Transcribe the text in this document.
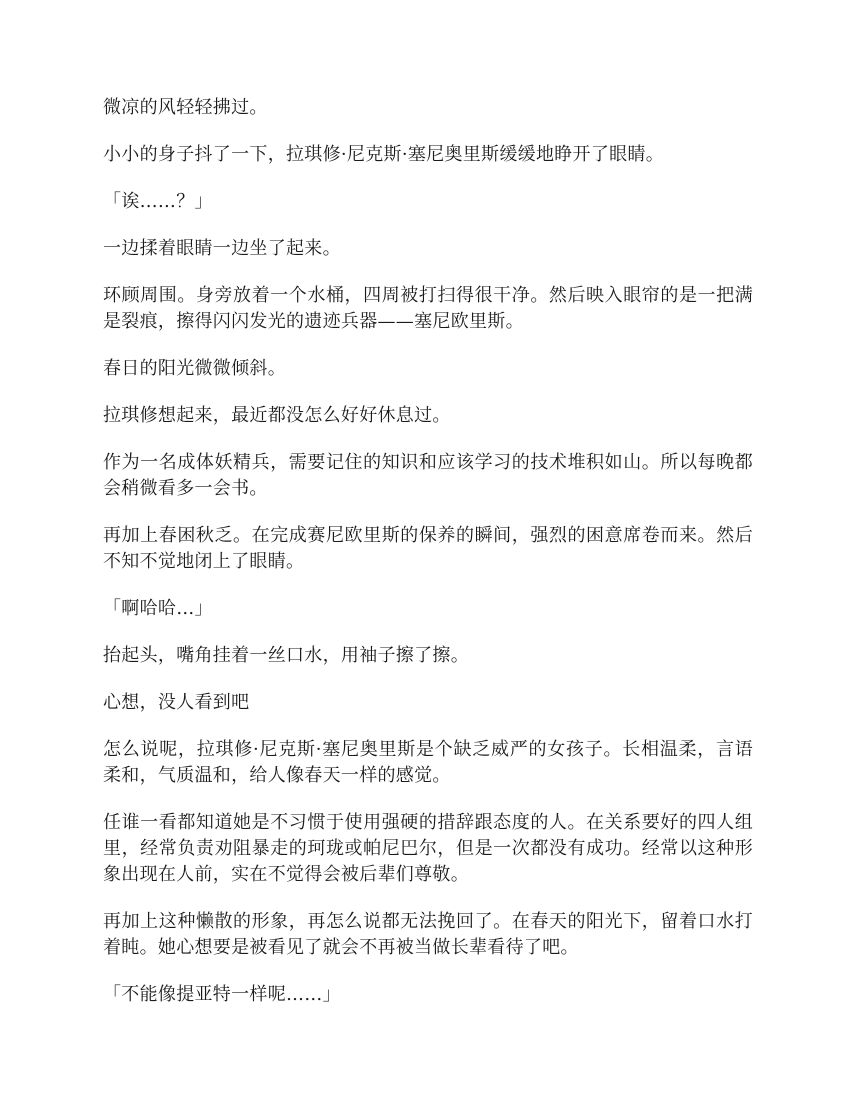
微凉的风轻轻拂过。

小小的身子抖了一下，拉琪修·尼克斯·塞尼奥里斯缓缓地睁开了眼睛。

「诶……？」

一边揉着眼睛一边坐了起来。

环顾周围。身旁放着一个水桶，四周被打扫得很干净。然后映入眼帘的是一把满是裂痕，擦得闪闪发光的遗迹兵器——塞尼欧里斯。

春日的阳光微微倾斜。

拉琪修想起来，最近都没怎么好好休息过。

作为一名成体妖精兵，需要记住的知识和应该学习的技术堆积如山。所以每晚都会稍微看多一会书。

再加上春困秋乏。在完成赛尼欧里斯的保养的瞬间，强烈的困意席卷而来。然后不知不觉地闭上了眼睛。

「啊哈哈…」

抬起头，嘴角挂着一丝口水，用袖子擦了擦。

心想，没人看到吧

怎么说呢，拉琪修·尼克斯·塞尼奥里斯是个缺乏威严的女孩子。长相温柔，言语柔和，气质温和，给人像春天一样的感觉。

任谁一看都知道她是不习惯于使用强硬的措辞跟态度的人。在关系要好的四人组里，经常负责劝阻暴走的珂珑或帕尼巴尔，但是一次都没有成功。经常以这种形象出现在人前，实在不觉得会被后辈们尊敬。

再加上这种懒散的形象，再怎么说都无法挽回了。在春天的阳光下，留着口水打着盹。她心想要是被看见了就会不再被当做长辈看待了吧。

「不能像提亚特一样呢……」
